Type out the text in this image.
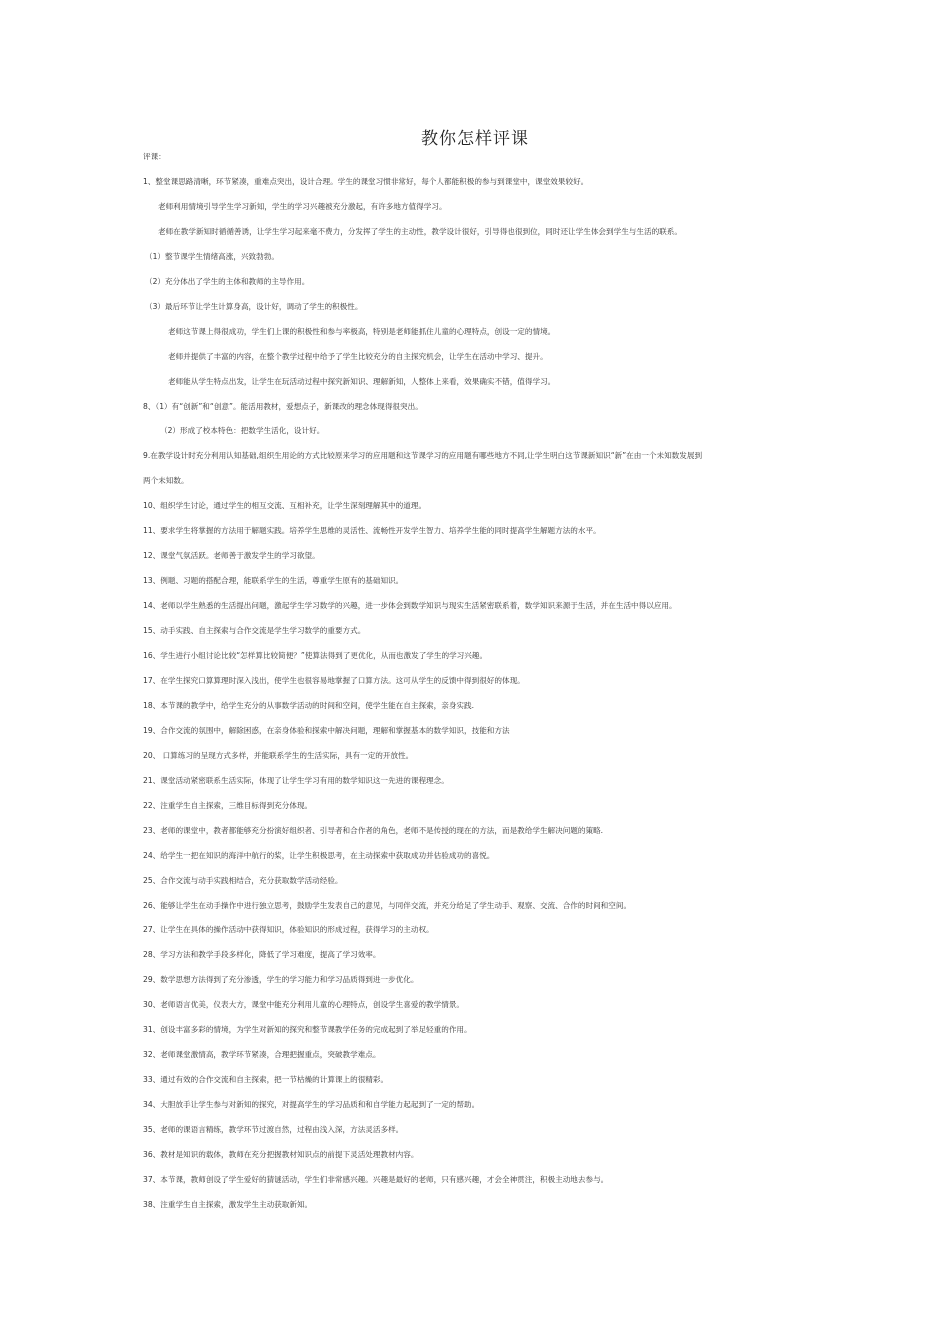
教你怎样评课
评课：
1、整堂课思路清晰，环节紧凑，重难点突出，设计合理。学生的课堂习惯非常好，每个人都能积极的参与到课堂中，课堂效果较好。
老师利用情境引导学生学习新知，学生的学习兴趣被充分激起，有许多地方值得学习。
老师在教学新知时循循善诱，让学生学习起来毫不费力，分发挥了学生的主动性，教学设计很好，引导得也很到位，同时还让学生体会到学生与生活的联系。
（1）整节课学生情绪高涨，兴致勃勃。
（2）充分体出了学生的主体和教师的主导作用。
（3）最后环节让学生计算身高，设计好，调动了学生的积极性。
老师这节课上得很成功，学生们上课的积极性和参与率极高，特别是老师能抓住儿童的心理特点，创设一定的情境。
老师并提供了丰富的内容，在整个教学过程中给予了学生比较充分的自主探究机会，让学生在活动中学习、提升。
老师能从学生特点出发，让学生在玩活动过程中探究新知识、理解新知，人整体上来看，效果确实不错，值得学习。
8、（1）有“创新”和“创意”。能活用教材，爱想点子，新课改的理念体现得很突出。
（2）形成了校本特色：把数学生活化，设计好。
9.在教学设计时充分利用认知基础,组织生用论的方式比较原来学习的应用题和这节课学习的应用题有哪些地方不同,让学生明白这节课新知识“新”在由一个未知数发展到
两个未知数。
10、组织学生讨论，通过学生的相互交流、互相补充，让学生深刻理解其中的道理。
11、要求学生将掌握的方法用于解题实践。培养学生思维的灵活性、流畅性开发学生智力、培养学生能的同时提高学生解题方法的水平。
12、课堂气氛活跃。老师善于激发学生的学习欲望。
13、例题、习题的搭配合理，能联系学生的生活，尊重学生原有的基础知识。
14、老师以学生熟悉的生活提出问题，激起学生学习数学的兴趣，进一步体会到数学知识与现实生活紧密联系着，数学知识来源于生活，并在生活中得以应用。
15、动手实践、自主探索与合作交流是学生学习数学的重要方式。
16、学生进行小组讨论比较“怎样算比较简便？”使算法得到了更优化，从而也激发了学生的学习兴趣。
17、在学生探究口算算理时深入浅出，使学生也很容易地掌握了口算方法。这可从学生的反馈中得到很好的体现。
18、本节课的教学中，给学生充分的从事数学活动的时间和空间，使学生能在自主探索，亲身实践.
19、合作交流的氛围中，解除困惑，在亲身体验和探索中解决问题，理解和掌握基本的数学知识，技能和方法
20、 口算练习的呈现方式多样，并能联系学生的生活实际，具有一定的开放性。
21、课堂活动紧密联系生活实际，体现了让学生学习有用的数学知识这一先进的课程理念。
22、注重学生自主探索，三维目标得到充分体现。
23、老师的课堂中，教者都能够充分扮演好组织者、引导者和合作者的角色，老师不是传授的现在的方法，而是教给学生解决问题的策略.
24、给学生一把在知识的海洋中航行的桨，让学生积极思考，在主动探索中获取成功并估验成功的喜悦。
25、合作交流与动手实践相结合，充分获取数学活动经验。
26、能够让学生在动手操作中进行独立思考，鼓励学生发表自己的意见，与同伴交流，并充分给足了学生动手、观察、交流、合作的时间和空间。
27、让学生在具体的操作活动中获得知识，体验知识的形成过程，获得学习的主动权。
28、学习方法和教学手段多样化，降低了学习难度，提高了学习效率。
29、数学思想方法得到了充分渗透，学生的学习能力和学习品质得到进一步优化。
30、老师语言优美，仪表大方，课堂中能充分利用儿童的心理特点，创设学生喜爱的教学情景。
31、创设丰富多彩的情境，为学生对新知的探究和整节课教学任务的完成起到了举足轻重的作用。
32、老师课堂激情高，教学环节紧凑，合理把握重点，突破教学难点。
33、通过有效的合作交流和自主探索，把一节枯燥的计算课上的很精彩。
34、大胆放手让学生参与对新知的探究，对提高学生的学习品质和和自学能力起起到了一定的帮助。
35、老师的课语言精练，教学环节过渡自然，过程由浅入深，方法灵活多样。
36、教材是知识的载体，教师在充分把握教材知识点的前提下灵活处理教材内容。
37、本节课，教师创设了学生爱好的猜谜活动，学生们非常感兴趣。兴趣是最好的老师，只有感兴趣，才会全神贯注，积极主动地去参与。
38、注重学生自主探索，激发学生主动获取新知。
